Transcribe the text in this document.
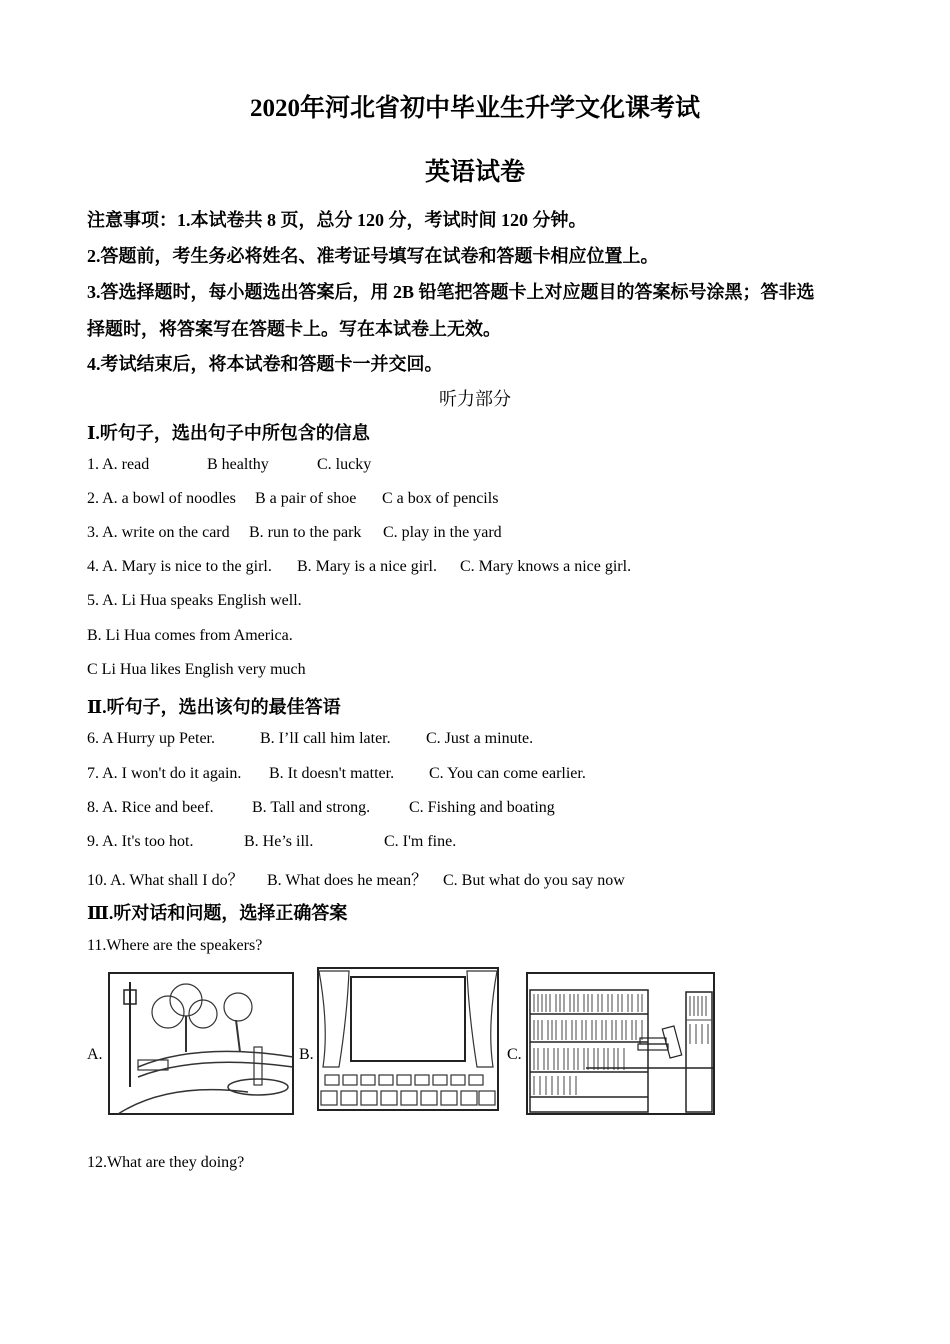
2020年河北省初中毕业生升学文化课考试
英语试卷
注意事项：1.本试卷共 8 页，总分 120 分，考试时间 120 分钟。
2.答题前，考生务必将姓名、准考证号填写在试卷和答题卡相应位置上。
3.答选择题时，每小题选出答案后，用 2B 铅笔把答题卡上对应题目的答案标号涂黑；答非选
择题时，将答案写在答题卡上。写在本试卷上无效。
4.考试结束后，将本试卷和答题卡一并交回。
听力部分
Ⅰ.听句子，选出句子中所包含的信息
1. A. read	B healthy	C. lucky
2. A. a bowl of noodles B a pair of shoe C a box of pencils
3. A. write on the card B. run to the park C. play in the yard
4. A. Mary is nice to the girl. B. Mary is a nice girl. C. Mary knows a nice girl.
5. A. Li Hua speaks English well.
B. Li Hua comes from America.
C Li Hua likes English very much
Ⅱ.听句子，选出该句的最佳答语
6. A Hurry up Peter.	B. I’lI call him later. C. Just a minute.
7. A. I won't do it again. B. It doesn't matter. C. You can come earlier.
8. A. Rice and beef. B. Tall and strong. C. Fishing and boating
9. A. It's too hot.	B. He’s ill.	C. I'm fine.
10. A. What shall I do？ B. What does he mean？ C. But what do you say now
Ⅲ.听对话和问题，选择正确答案
11.Where are the speakers?
A.	B.	C.
12.What are they doing?
